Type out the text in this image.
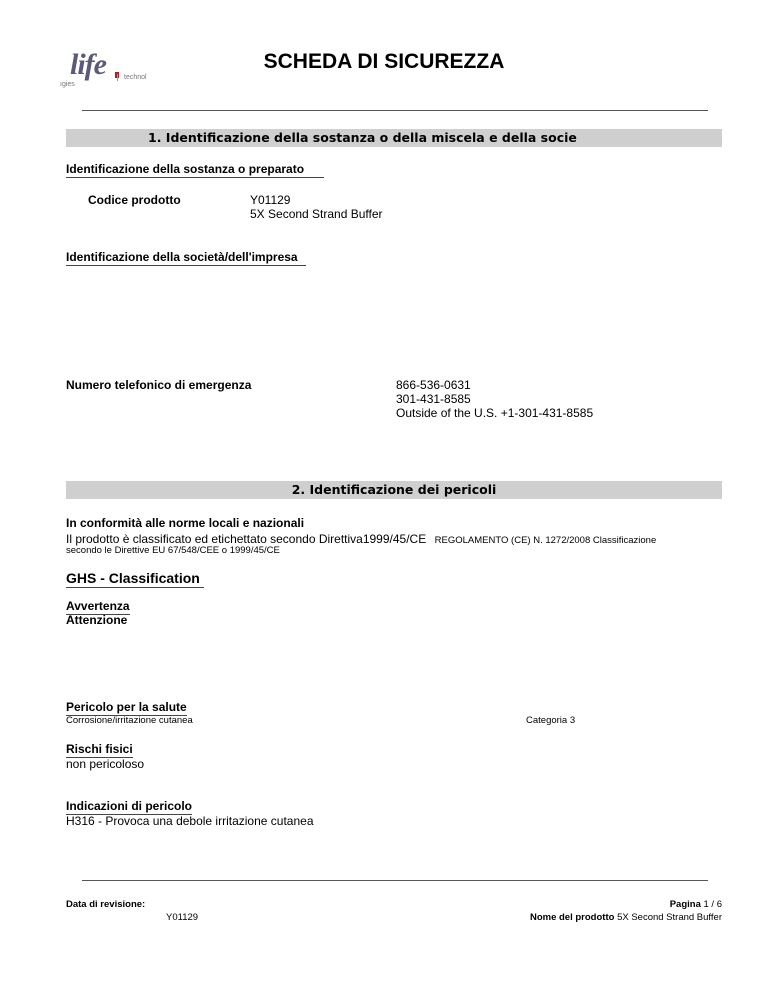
life
ıgies
technol
SCHEDA DI SICUREZZA
1. Identificazione della sostanza o della miscela e della socie
Identificazione della sostanza o preparato
Codice prodotto	Y01129
5X Second Strand Buffer
Identificazione della società/dell'impresa
Numero telefonico di emergenza	866-536-0631
301-431-8585
Outside of the U.S. +1-301-431-8585
2. Identificazione dei pericoli
In conformità alle norme locali e nazionali
Il prodotto è classificato ed etichettato secondo Direttiva1999/45/CE REGOLAMENTO (CE) N. 1272/2008 Classificazione
secondo le Direttive EU 67/548/CEE o 1999/45/CE
GHS - Classification
Avvertenza
Attenzione
Pericolo per la salute
Corrosione/irritazione cutanea	Categoria 3
Rischi fisici
non pericoloso
Indicazioni di pericolo
H316 - Provoca una debole irritazione cutanea
Data di revisione:
Y01129
Pagina 1 / 6
Nome del prodotto 5X Second Strand Buffer
